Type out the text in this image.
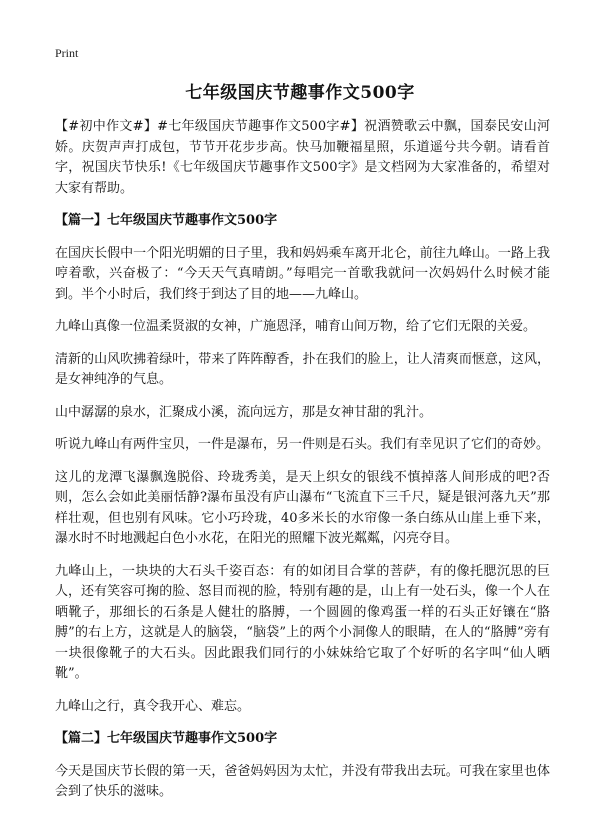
Print
七年级国庆节趣事作文500字

【#初中作文#】#七年级国庆节趣事作文500字#】祝酒赞歌云中飘，国泰民安山河娇。庆贺声声打成包，节节开花步步高。快马加鞭福星照，乐道遥兮共今朝。请看首字，祝国庆节快乐!《七年级国庆节趣事作文500字》是文档网为大家准备的，希望对大家有帮助。

【篇一】七年级国庆节趣事作文500字

在国庆长假中一个阳光明媚的日子里，我和妈妈乘车离开北仑，前往九峰山。一路上我哼着歌，兴奋极了：“今天天气真晴朗。”每唱完一首歌我就问一次妈妈什么时候才能到。半个小时后，我们终于到达了目的地——九峰山。

九峰山真像一位温柔贤淑的女神，广施恩泽，哺育山间万物，给了它们无限的关爱。

清新的山风吹拂着绿叶，带来了阵阵醇香，扑在我们的脸上，让人清爽而惬意，这风，是女神纯净的气息。

山中潺潺的泉水，汇聚成小溪，流向远方，那是女神甘甜的乳汁。

听说九峰山有两件宝贝，一件是瀑布，另一件则是石头。我们有幸见识了它们的奇妙。

这儿的龙潭飞瀑飘逸脱俗、玲珑秀美，是天上织女的银线不慎掉落人间形成的吧?否则，怎么会如此美丽恬静?瀑布虽没有庐山瀑布“飞流直下三千尺，疑是银河落九天”那样壮观，但也别有风味。它小巧玲珑，40多米长的水帘像一条白练从山崖上垂下来，瀑水时不时地溅起白色小水花，在阳光的照耀下波光粼粼，闪亮夺目。

九峰山上，一块块的大石头千姿百态：有的如闭目合掌的菩萨，有的像托腮沉思的巨人，还有笑容可掬的脸、怒目而视的脸，特别有趣的是，山上有一处石头，像一个人在晒靴子，那细长的石条是人健壮的胳膊，一个圆圆的像鸡蛋一样的石头正好镶在“胳膊”的右上方，这就是人的脑袋，“脑袋”上的两个小洞像人的眼睛，在人的“胳膊”旁有一块很像靴子的大石头。因此跟我们同行的小妹妹给它取了个好听的名字叫“仙人晒靴”。

九峰山之行，真令我开心、难忘。

【篇二】七年级国庆节趣事作文500字

今天是国庆节长假的第一天，爸爸妈妈因为太忙，并没有带我出去玩。可我在家里也体会到了快乐的滋味。
